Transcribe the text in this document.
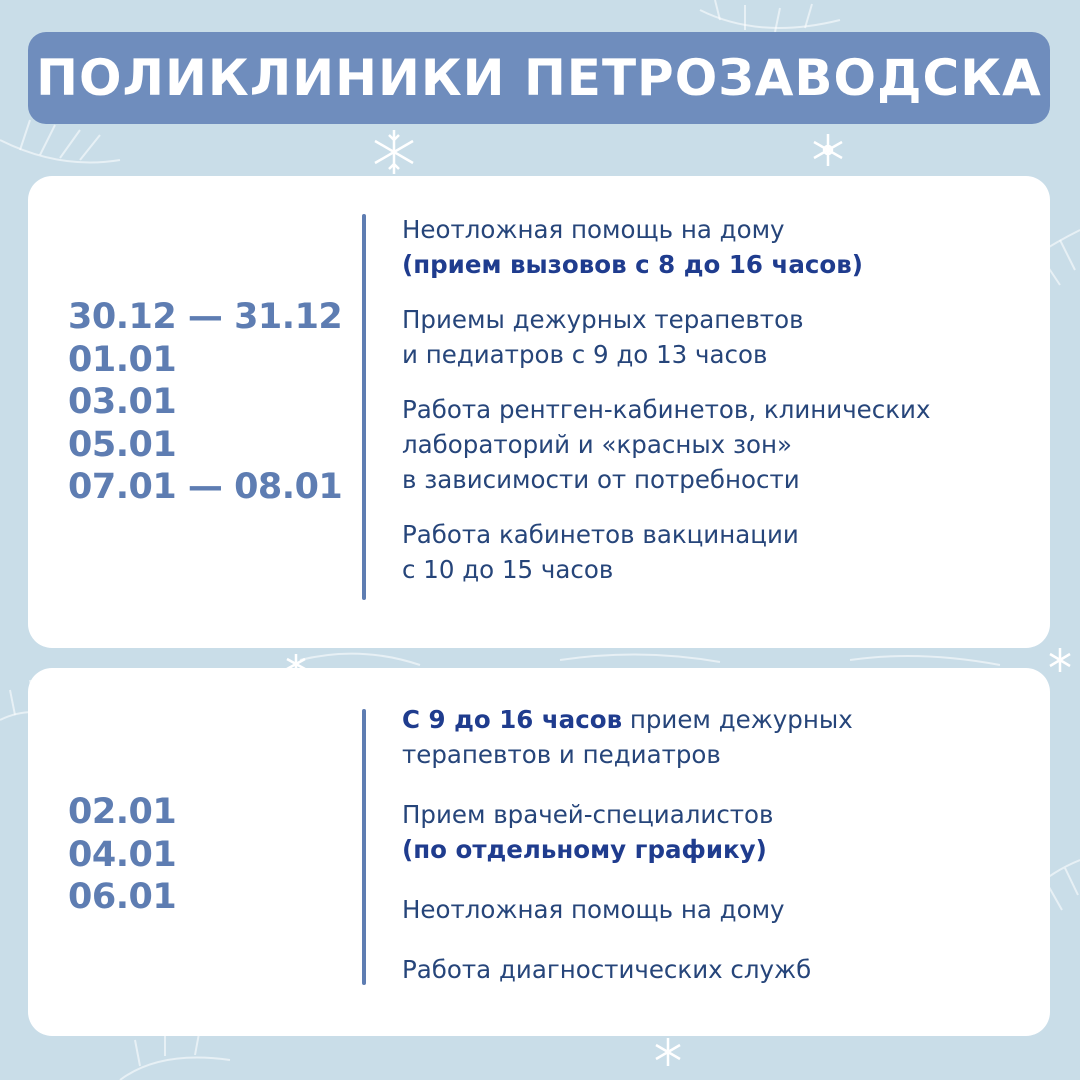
ПОЛИКЛИНИКИ ПЕТРОЗАВОДСКА
30.12 — 31.12
01.01
03.01
05.01
07.01 — 08.01
Неотложная помощь на дому
(прием вызовов с 8 до 16 часов)
Приемы дежурных терапевтов
и педиатров с 9 до 13 часов
Работа рентген-кабинетов, клинических
лабораторий и «красных зон»
в зависимости от потребности
Работа кабинетов вакцинации
с 10 до 15 часов
02.01
04.01
06.01
С 9 до 16 часов прием дежурных
терапевтов и педиатров
Прием врачей-специалистов
(по отдельному графику)
Неотложная помощь на дому
Работа диагностических служб
